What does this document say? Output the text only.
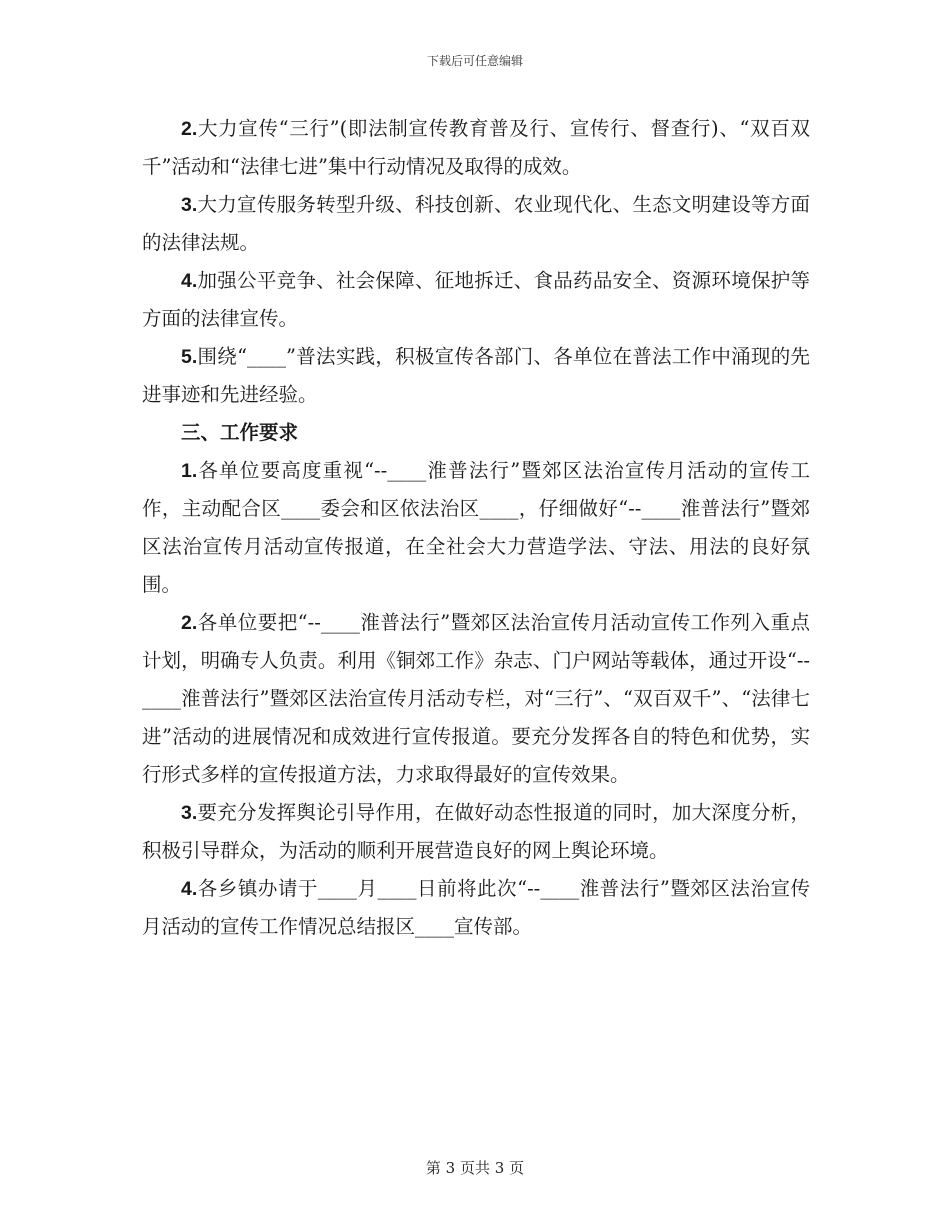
下载后可任意编辑

2.大力宣传“三行”(即法制宣传教育普及行、宣传行、督查行)、“双百双千”活动和“法律七进”集中行动情况及取得的成效。

3.大力宣传服务转型升级、科技创新、农业现代化、生态文明建设等方面的法律法规。

4.加强公平竞争、社会保障、征地拆迁、食品药品安全、资源环境保护等方面的法律宣传。

5.围绕“____”普法实践，积极宣传各部门、各单位在普法工作中涌现的先进事迹和先进经验。

三、工作要求

1.各单位要高度重视“--____淮普法行”暨郊区法治宣传月活动的宣传工作，主动配合区____委会和区依法治区____，仔细做好“--____淮普法行”暨郊区法治宣传月活动宣传报道，在全社会大力营造学法、守法、用法的良好氛围。

2.各单位要把“--____淮普法行”暨郊区法治宣传月活动宣传工作列入重点计划，明确专人负责。利用《铜郊工作》杂志、门户网站等载体，通过开设“--____淮普法行”暨郊区法治宣传月活动专栏，对“三行”、“双百双千”、“法律七进”活动的进展情况和成效进行宣传报道。要充分发挥各自的特色和优势，实行形式多样的宣传报道方法，力求取得最好的宣传效果。

3.要充分发挥舆论引导作用，在做好动态性报道的同时，加大深度分析，积极引导群众，为活动的顺利开展营造良好的网上舆论环境。

4.各乡镇办请于____月____日前将此次“--____淮普法行”暨郊区法治宣传月活动的宣传工作情况总结报区____宣传部。

第 3 页共 3 页
